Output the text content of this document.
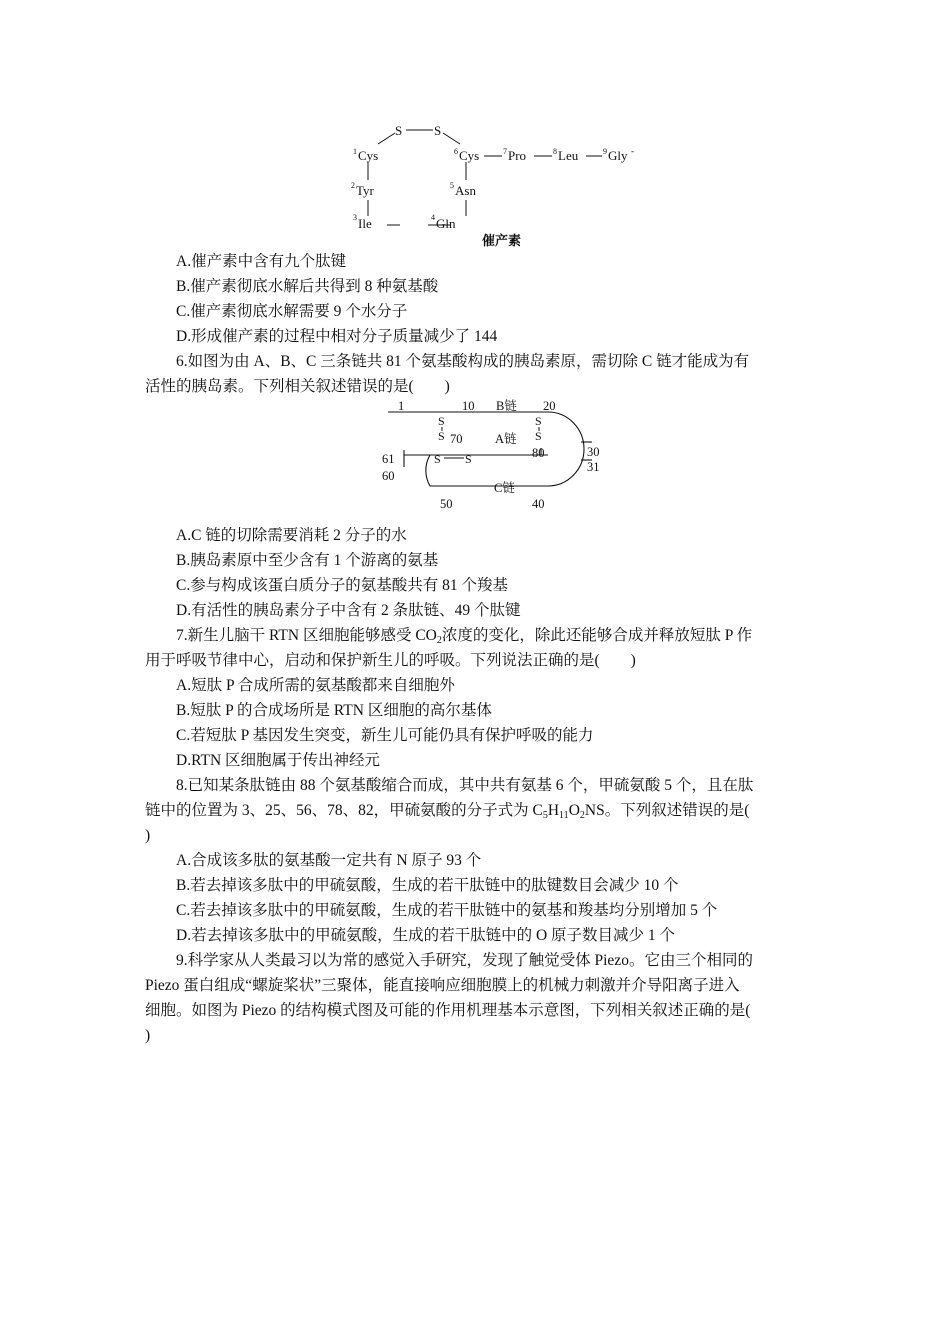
S S
1 Cys
2 Tyr
3 Ile	4 Gln
5 Asn
6 Cys	7 Pro	8 Leu	9 Gly -
催产素
A.催产素中含有九个肽键
B.催产素彻底水解后共得到 8 种氨基酸
C.催产素彻底水解需要 9 个水分子
D.形成催产素的过程中相对分子质量减少了 144
6.如图为由 A、B、C 三条链共 81 个氨基酸构成的胰岛素原，需切除 C 链才能成为有
活性的胰岛素。下列相关叙述错误的是(　　)
1	10 B链 20
S
S
S
S
70	A链
80
S S
61
60
30
31
C链
50	40
A.C 链的切除需要消耗 2 分子的水
B.胰岛素原中至少含有 1 个游离的氨基
C.参与构成该蛋白质分子的氨基酸共有 81 个羧基
D.有活性的胰岛素分子中含有 2 条肽链、49 个肽键
7.新生儿脑干 RTN 区细胞能够感受 $CO_2$浓度的变化，除此还能够合成并释放短肽 P 作
用于呼吸节律中心，启动和保护新生儿的呼吸。下列说法正确的是(　　)
A.短肽 P 合成所需的氨基酸都来自细胞外
B.短肽 P 的合成场所是 RTN 区细胞的高尔基体
C.若短肽 P 基因发生突变，新生儿可能仍具有保护呼吸的能力
D.RTN 区细胞属于传出神经元
8.已知某条肽链由 88 个氨基酸缩合而成，其中共有氨基 6 个，甲硫氨酸 5 个，且在肽
链中的位置为 3、25、56、78、82，甲硫氨酸的分子式为 $C_5H_{11}O_2NS$。下列叙述错误的是(
)
A.合成该多肽的氨基酸一定共有 N 原子 93 个
B.若去掉该多肽中的甲硫氨酸，生成的若干肽链中的肽键数目会减少 10 个
C.若去掉该多肽中的甲硫氨酸，生成的若干肽链中的氨基和羧基均分别增加 5 个
D.若去掉该多肽中的甲硫氨酸，生成的若干肽链中的 O 原子数目减少 1 个
9.科学家从人类最习以为常的感觉入手研究，发现了触觉受体 Piezo。它由三个相同的
Piezo 蛋白组成“螺旋桨状”三聚体，能直接响应细胞膜上的机械力刺激并介导阳离子进入
细胞。如图为 Piezo 的结构模式图及可能的作用机理基本示意图，下列相关叙述正确的是(
)
